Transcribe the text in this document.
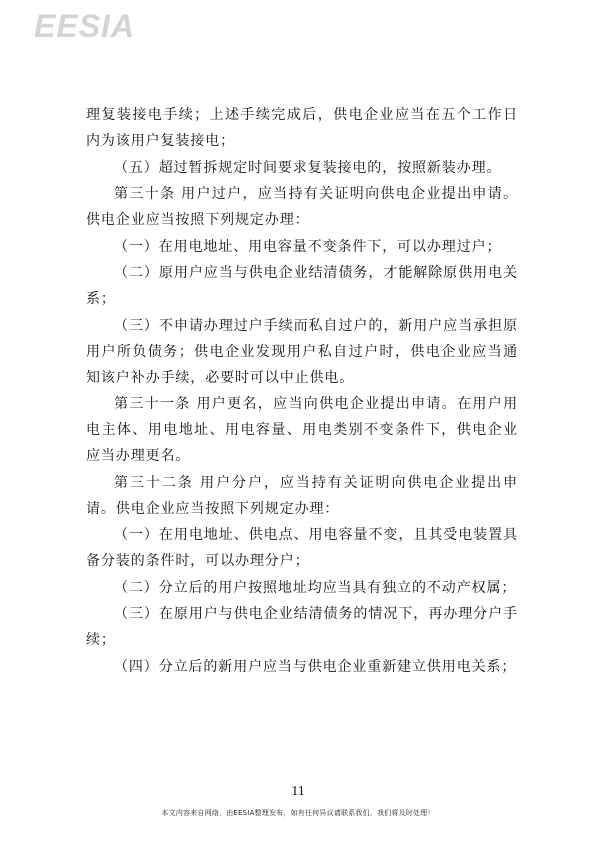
EESIA

理复装接电手续；上述手续完成后，供电企业应当在五个工作日内为该用户复装接电；

（五）超过暂拆规定时间要求复装接电的，按照新装办理。

第三十条 用户过户，应当持有关证明向供电企业提出申请。供电企业应当按照下列规定办理：

（一）在用电地址、用电容量不变条件下，可以办理过户；

（二）原用户应当与供电企业结清债务，才能解除原供用电关系；

（三）不申请办理过户手续而私自过户的，新用户应当承担原用户所负债务；供电企业发现用户私自过户时，供电企业应当通知该户补办手续，必要时可以中止供电。

第三十一条 用户更名，应当向供电企业提出申请。在用户用电主体、用电地址、用电容量、用电类别不变条件下，供电企业应当办理更名。

第三十二条 用户分户，应当持有关证明向供电企业提出申请。供电企业应当按照下列规定办理：

（一）在用电地址、供电点、用电容量不变，且其受电装置具备分装的条件时，可以办理分户；

（二）分立后的用户按照地址均应当具有独立的不动产权属；

（三）在原用户与供电企业结清债务的情况下，再办理分户手续；

（四）分立后的新用户应当与供电企业重新建立供用电关系；

11
本文内容来自网络，由EESIA整理发布，如有任何异议请联系我们，我们将及时处理！
